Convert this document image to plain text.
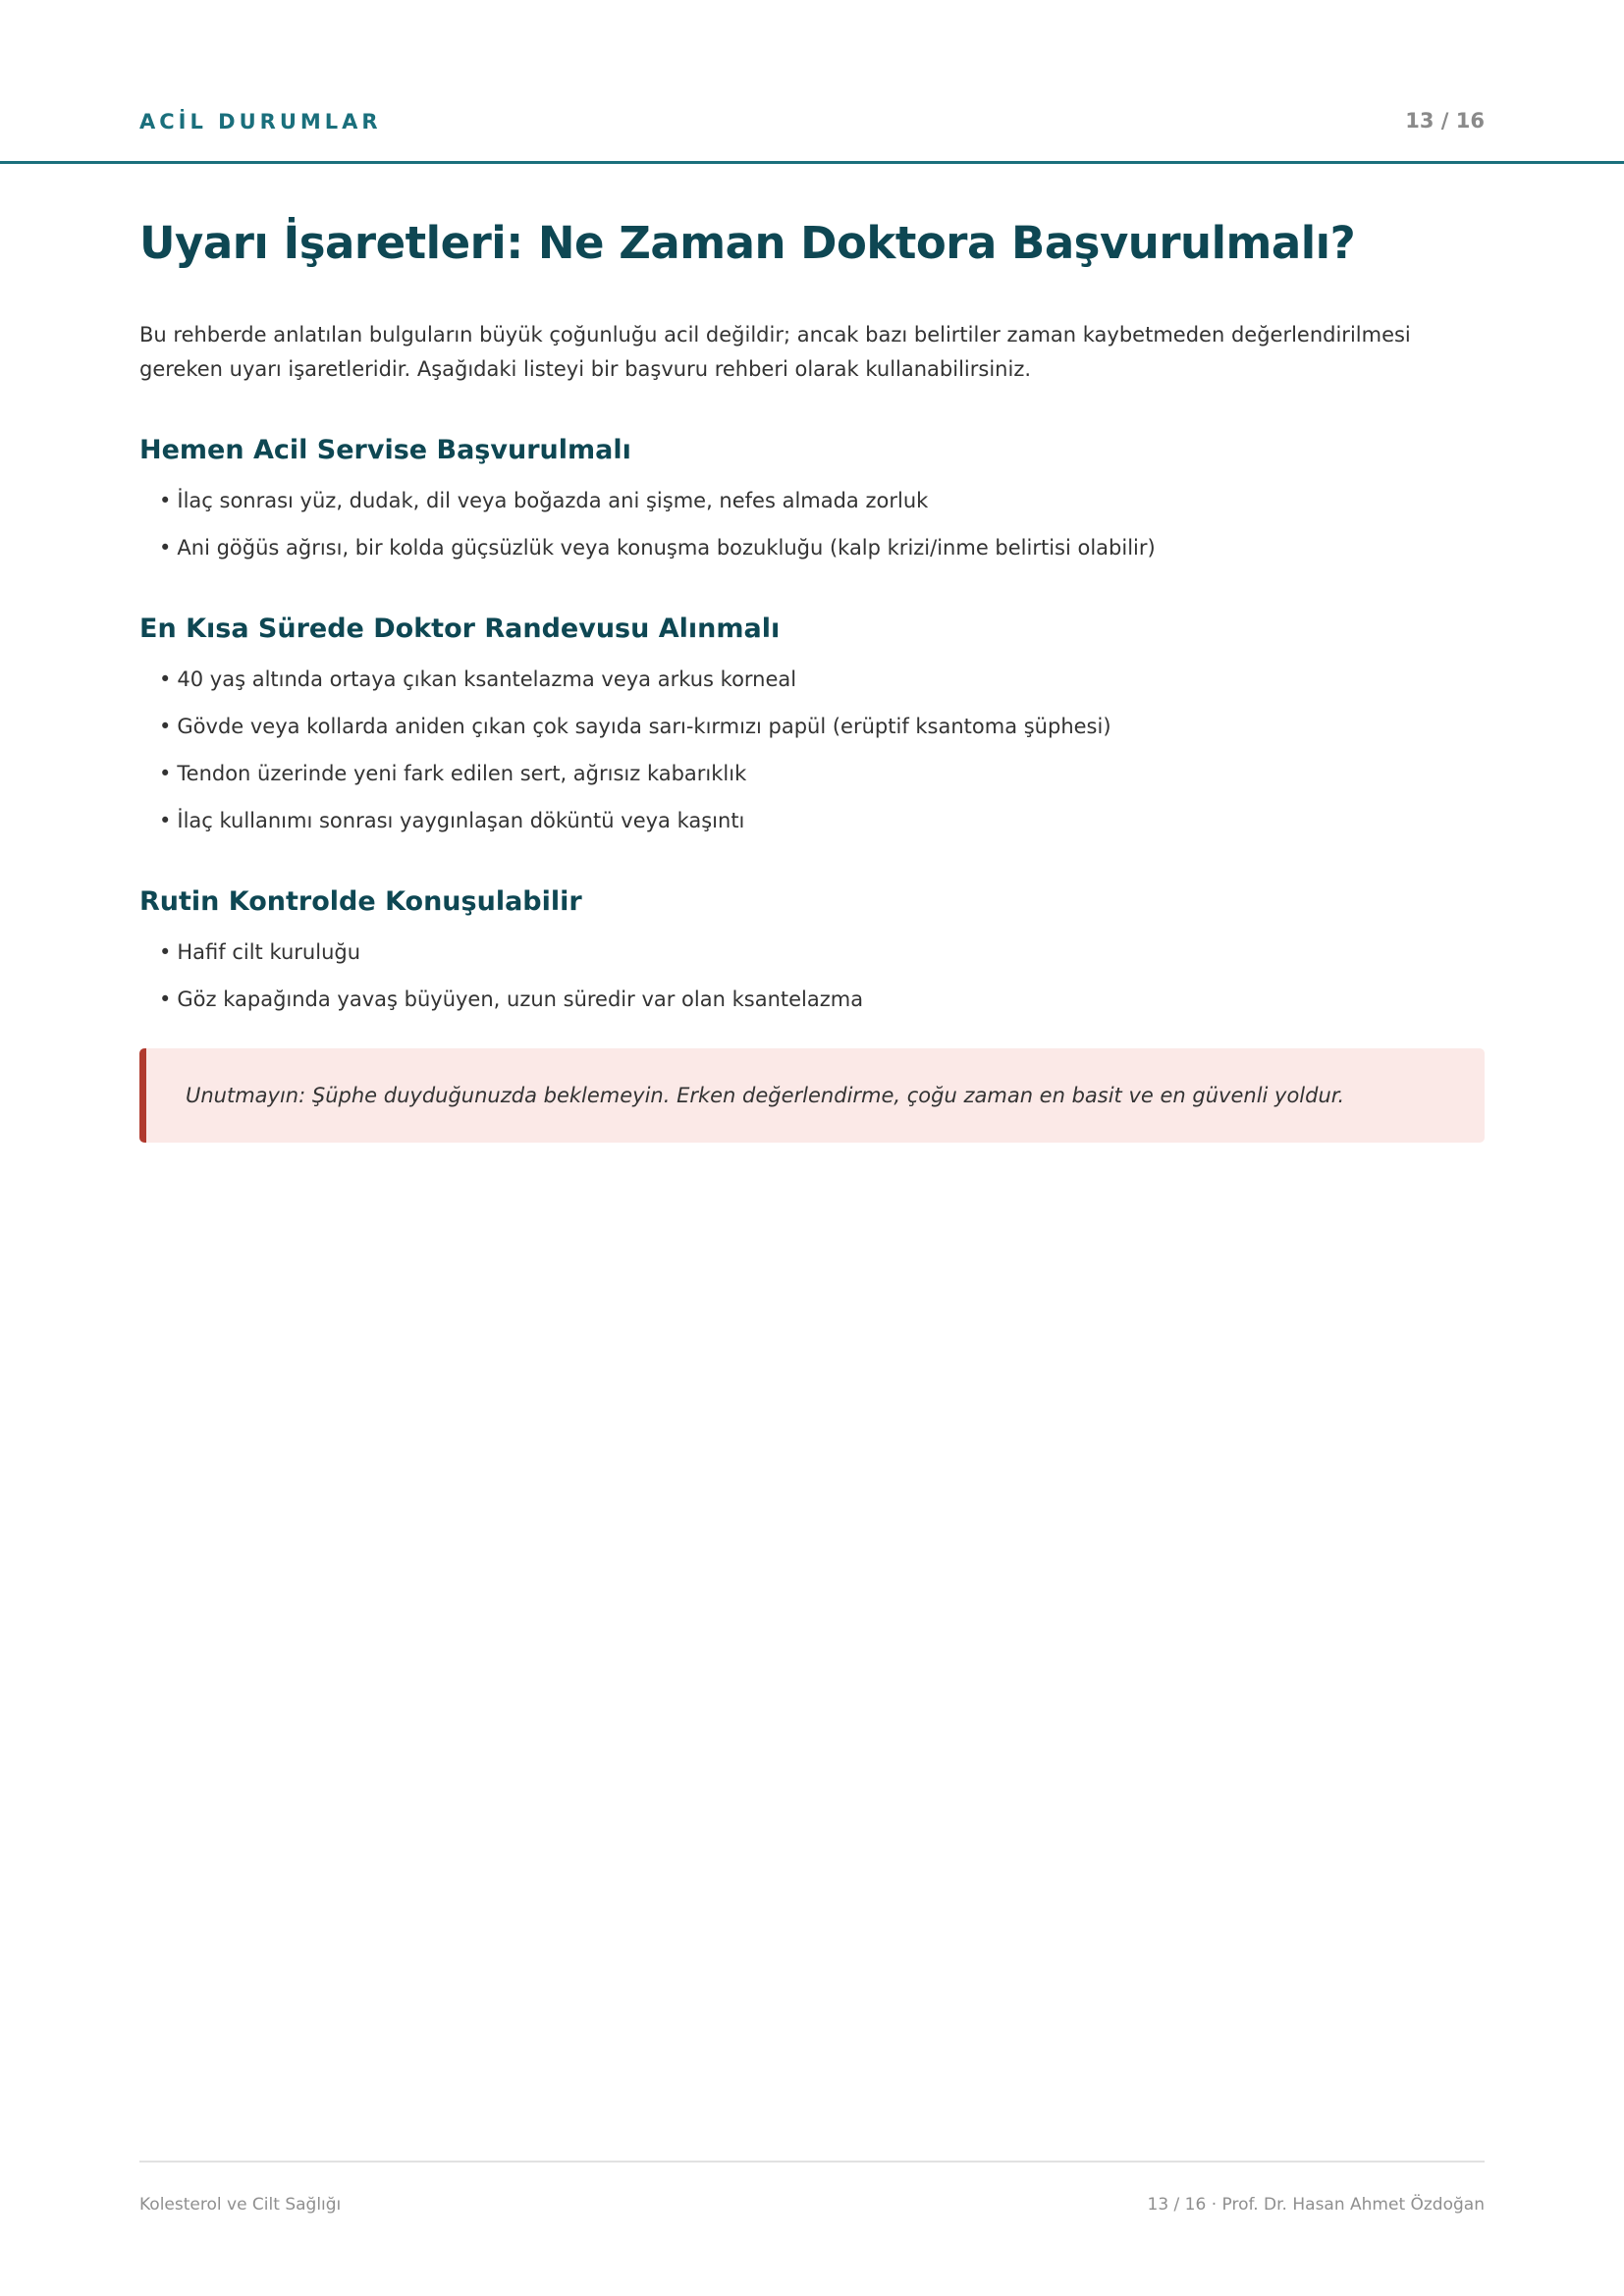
ACİL DURUMLAR	13 / 16
Uyarı İşaretleri: Ne Zaman Doktora Başvurulmalı?

Bu rehberde anlatılan bulguların büyük çoğunluğu acil değildir; ancak bazı belirtiler zaman kaybetmeden değerlendirilmesi gereken uyarı işaretleridir. Aşağıdaki listeyi bir başvuru rehberi olarak kullanabilirsiniz.

Hemen Acil Servise Başvurulmalı
• İlaç sonrası yüz, dudak, dil veya boğazda ani şişme, nefes almada zorluk
• Ani göğüs ağrısı, bir kolda güçsüzlük veya konuşma bozukluğu (kalp krizi/inme belirtisi olabilir)
En Kısa Sürede Doktor Randevusu Alınmalı
• 40 yaş altında ortaya çıkan ksantelazma veya arkus korneal
• Gövde veya kollarda aniden çıkan çok sayıda sarı-kırmızı papül (erüptif ksantoma şüphesi)
• Tendon üzerinde yeni fark edilen sert, ağrısız kabarıklık
• İlaç kullanımı sonrası yaygınlaşan döküntü veya kaşıntı
Rutin Kontrolde Konuşulabilir
• Hafif cilt kuruluğu
• Göz kapağında yavaş büyüyen, uzun süredir var olan ksantelazma
Unutmayın: Şüphe duyduğunuzda beklemeyin. Erken değerlendirme, çoğu zaman en basit ve en güvenli yoldur.
Kolesterol ve Cilt Sağlığı	13 / 16 · Prof. Dr. Hasan Ahmet Özdoğan
